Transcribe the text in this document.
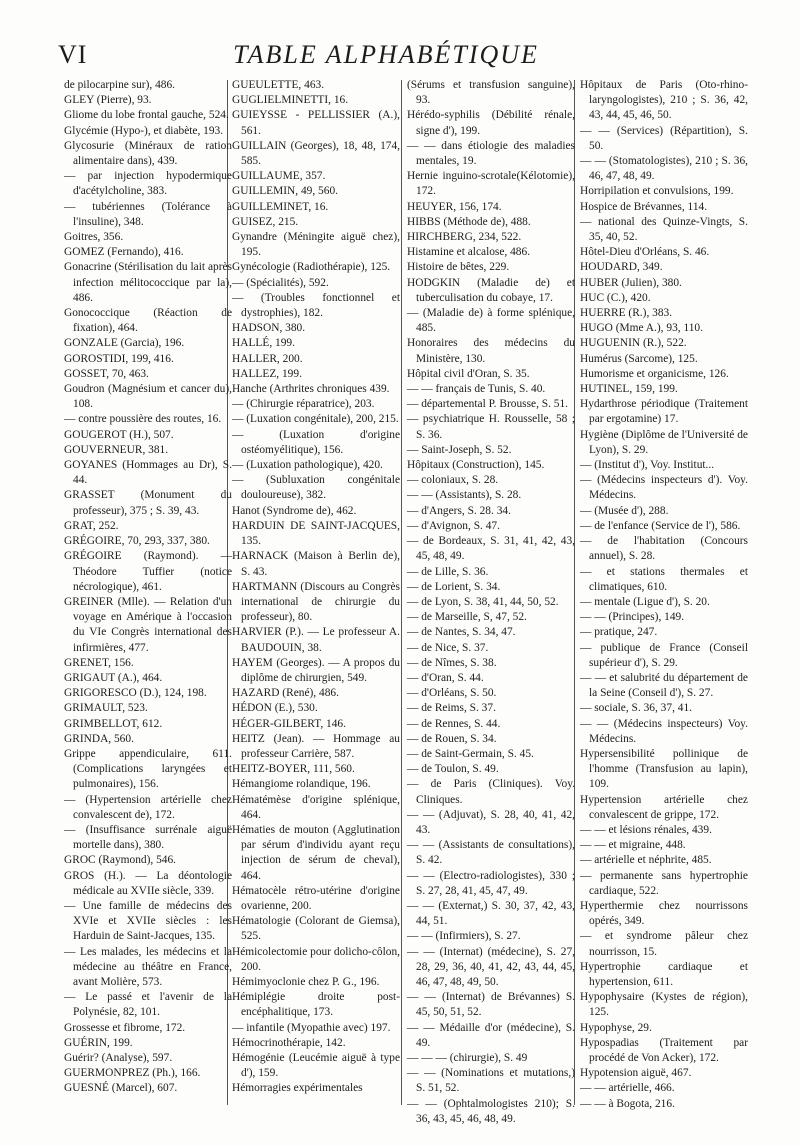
VI	TABLE ALPHABÉTIQUE
de pilocarpine sur), 486.
GLEY (Pierre), 93.
Gliome du lobe frontal gauche, 524.
Glycémie (Hypo-), et diabète, 193.
Glycosurie (Minéraux de ration alimentaire dans), 439.
— par injection hypodermique d'acétylcholine, 383.
— tubériennes (Tolérance à l'insuline), 348.
Goitres, 356.
GOMEZ (Fernando), 416.
Gonacrine (Stérilisation du lait après infection mélitococcique par la), 486.
Gonococcique (Réaction de fixation), 464.
GONZALE (Garcia), 196.
GOROSTIDI, 199, 416.
GOSSET, 70, 463.
Goudron (Magnésium et cancer du), 108.
— contre poussière des routes, 16.
GOUGEROT (H.), 507.
GOUVERNEUR, 381.
GOYANES (Hommages au Dr), S. 44.
GRASSET (Monument du professeur), 375 ; S. 39, 43.
GRAT, 252.
GRÉGOIRE, 70, 293, 337, 380.
GRÉGOIRE (Raymond). — Théodore Tuffier (notice nécrologique), 461.
GREINER (Mlle). — Relation d'un voyage en Amérique à l'occasion du VIe Congrès international des infirmières, 477.
GRENET, 156.
GRIGAUT (A.), 464.
GRIGORESCO (D.), 124, 198.
GRIMAULT, 523.
GRIMBELLOT, 612.
GRINDA, 560.
Grippe appendiculaire, 611. (Complications laryngées et pulmonaires), 156.
— (Hypertension artérielle chez convalescent de), 172.
— (Insuffisance surrénale aiguë mortelle dans), 380.
GROC (Raymond), 546.
GROS (H.). — La déontologie médicale au XVIIe siècle, 339.
— Une famille de médecins des XVIe et XVIIe siècles : les Harduin de Saint-Jacques, 135.
— Les malades, les médecins et la médecine au théâtre en France, avant Molière, 573.
— Le passé et l'avenir de la Polynésie, 82, 101.
Grossesse et fibrome, 172.
GUÉRIN, 199.
Guérir? (Analyse), 597.
GUERMONPREZ (Ph.), 166.
GUESNÉ (Marcel), 607.
GUEULETTE, 463.
GUGLIELMINETTI, 16.
GUIEYSSE - PELLISSIER (A.), 561.
GUILLAIN (Georges), 18, 48, 174, 585.
GUILLAUME, 357.
GUILLEMIN, 49, 560.
GUILLEMINET, 16.
GUISEZ, 215.
Gynandre (Méningite aiguë chez), 195.
Gynécologie (Radiothérapie), 125.
— (Spécialités), 592.
— (Troubles fonctionnel et dystrophies), 182.
HADSON, 380.
HALLÉ, 199.
HALLER, 200.
HALLEZ, 199.
Hanche (Arthrites chroniques 439.
— (Chirurgie réparatrice), 203.
— (Luxation congénitale), 200, 215.
— (Luxation d'origine ostéomyélitique), 156.
— (Luxation pathologique), 420.
— (Subluxation congénitale douloureuse), 382.
Hanot (Syndrome de), 462.
HARDUIN DE SAINT-JACQUES, 135.
HARNACK (Maison à Berlin de), S. 43.
HARTMANN (Discours au Congrès international de chirurgie du professeur), 80.
HARVIER (P.). — Le professeur A. BAUDOUIN, 38.
HAYEM (Georges). — A propos du diplôme de chirurgien, 549.
HAZARD (René), 486.
HÉDON (E.), 530.
HÉGER-GILBERT, 146.
HEITZ (Jean). — Hommage au professeur Carrière, 587.
HEITZ-BOYER, 111, 560.
Hémangiome rolandique, 196.
Hématémèse d'origine splénique, 464.
Hématies de mouton (Agglutination par sérum d'individu ayant reçu injection de sérum de cheval), 464.
Hématocèle rétro-utérine d'origine ovarienne, 200.
Hématologie (Colorant de Giemsa), 525.
Hémicolectomie pour dolicho-côlon, 200.
Hémimyoclonie chez P. G., 196.
Hémiplégie droite post-encéphalitique, 173.
— infantile (Myopathie avec) 197.
Hémocrinothérapie, 142.
Hémogénie (Leucémie aiguë à type d'), 159.
Hémorragies expérimentales
(Sérums et transfusion sanguine), 93.
Hérédo-syphilis (Débilité rénale, signe d'), 199.
— — dans étiologie des maladies mentales, 19.
Hernie inguino-scrotale(Kélotomie), 172.
HEUYER, 156, 174.
HIBBS (Méthode de), 488.
HIRCHBERG, 234, 522.
Histamine et alcalose, 486.
Histoire de bêtes, 229.
HODGKIN (Maladie de) et tuberculisation du cobaye, 17.
— (Maladie de) à forme splénique, 485.
Honoraires des médecins du Ministère, 130.
Hôpital civil d'Oran, S. 35.
— — français de Tunis, S. 40.
— départemental P. Brousse, S. 51.
— psychiatrique H. Rousselle, 58 ; S. 36.
— Saint-Joseph, S. 52.
Hôpitaux (Construction), 145.
— coloniaux, S. 28.
— — (Assistants), S. 28.
— d'Angers, S. 28. 34.
— d'Avignon, S. 47.
— de Bordeaux, S. 31, 41, 42, 43, 45, 48, 49.
— de Lille, S. 36.
— de Lorient, S. 34.
— de Lyon, S. 38, 41, 44, 50, 52.
— de Marseille, S, 47, 52.
— de Nantes, S. 34, 47.
— de Nice, S. 37.
— de Nîmes, S. 38.
— d'Oran, S. 44.
— d'Orléans, S. 50.
— de Reims, S. 37.
— de Rennes, S. 44.
— de Rouen, S. 34.
— de Saint-Germain, S. 45.
— de Toulon, S. 49.
— de Paris (Cliniques). Voy. Cliniques.
— — (Adjuvat), S. 28, 40, 41, 42, 43.
— — (Assistants de consultations), S. 42.
— — (Electro-radiologistes), 330 ; S. 27, 28, 41, 45, 47, 49.
— — (Externat,) S. 30, 37, 42, 43, 44, 51.
— — (Infirmiers), S. 27.
— — (Internat) (médecine), S. 27, 28, 29, 36, 40, 41, 42, 43, 44, 45, 46, 47, 48, 49, 50.
— — (Internat) de Brévannes) S. 45, 50, 51, 52.
— — Médaille d'or (médecine), S. 49.
— — — (chirurgie), S. 49
— — (Nominations et mutations,) S. 51, 52.
— — (Ophtalmologistes 210); S. 36, 43, 45, 46, 48, 49.
Hôpitaux de Paris (Oto-rhino-laryngologistes), 210 ; S. 36, 42, 43, 44, 45, 46, 50.
— — (Services) (Répartition), S. 50.
— — (Stomatologistes), 210 ; S. 36, 46, 47, 48, 49.
Horripilation et convulsions, 199.
Hospice de Brévannes, 114.
— national des Quinze-Vingts, S. 35, 40, 52.
Hôtel-Dieu d'Orléans, S. 46.
HOUDARD, 349.
HUBER (Julien), 380.
HUC (C.), 420.
HUERRE (R.), 383.
HUGO (Mme A.), 93, 110.
HUGUENIN (R.), 522.
Humérus (Sarcome), 125.
Humorisme et organicisme, 126.
HUTINEL, 159, 199.
Hydarthrose périodique (Traitement par ergotamine) 17.
Hygiène (Diplôme de l'Université de Lyon), S. 29.
— (Institut d'), Voy. Institut...
— (Médecins inspecteurs d'). Voy. Médecins.
— (Musée d'), 288.
— de l'enfance (Service de l'), 586.
— de l'habitation (Concours annuel), S. 28.
— et stations thermales et climatiques, 610.
— mentale (Ligue d'), S. 20.
— — (Principes), 149.
— pratique, 247.
— publique de France (Conseil supérieur d'), S. 29.
— — et salubrité du département de la Seine (Conseil d'), S. 27.
— sociale, S. 36, 37, 41.
— — (Médecins inspecteurs) Voy. Médecins.
Hypersensibilité pollinique de l'homme (Transfusion au lapin), 109.
Hypertension artérielle chez convalescent de grippe, 172.
— — et lésions rénales, 439.
— — et migraine, 448.
— artérielle et néphrite, 485.
— permanente sans hypertrophie cardiaque, 522.
Hyperthermie chez nourrissons opérés, 349.
— et syndrome pâleur chez nourrisson, 15.
Hypertrophie cardiaque et hypertension, 611.
Hypophysaire (Kystes de région), 125.
Hypophyse, 29.
Hypospadias (Traitement par procédé de Von Acker), 172.
Hypotension aiguë, 467.
— — artérielle, 466.
— — à Bogota, 216.
